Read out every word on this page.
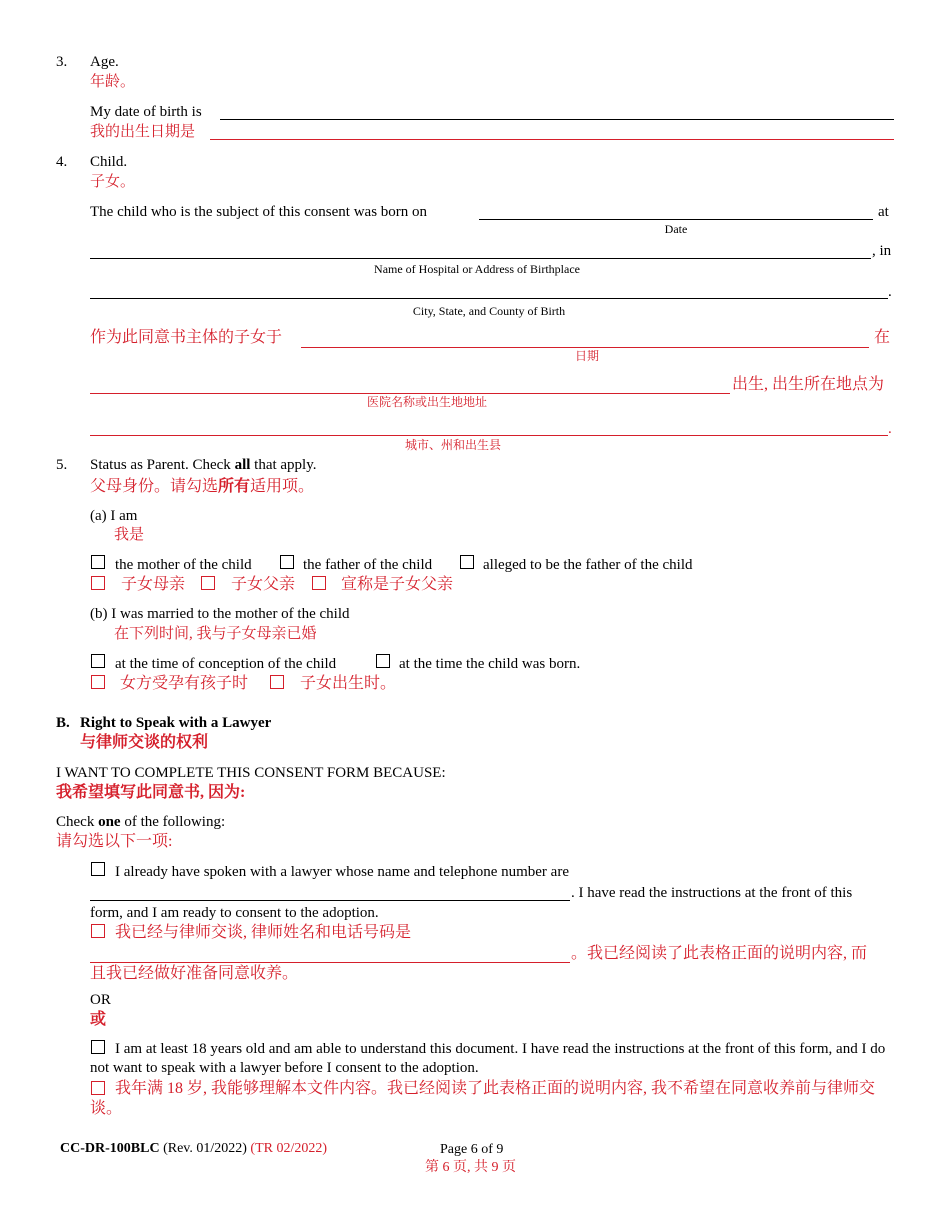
3. Age.
年龄。
My date of birth is
我的出生日期是
4. Child.
子女。
The child who is the subject of this consent was born on	at
Date
, in
Name of Hospital or Address of Birthplace
.
City, State, and County of Birth
作为此同意书主体的子女于	在
日期
出生, 出生所在地点为
医院名称或出生地地址
.
城市、州和出生县
5. Status as Parent. Check all that apply.
父母身份。请勾选所有适用项。
(a) I am
我是
the mother of the child	the father of the child	alleged to be the father of the child
子女母亲	子女父亲	宣称是子女父亲
(b) I was married to the mother of the child
在下列时间, 我与子女母亲已婚
at the time of conception of the child	at the time the child was born.
女方受孕有孩子时	子女出生时。
B. Right to Speak with a Lawyer
与律师交谈的权利
I WANT TO COMPLETE THIS CONSENT FORM BECAUSE:
我希望填写此同意书, 因为:
Check one of the following:
请勾选以下一项:
I already have spoken with a lawyer whose name and telephone number are
. I have read the instructions at the front of this
form, and I am ready to consent to the adoption.
我已经与律师交谈, 律师姓名和电话号码是
。我已经阅读了此表格正面的说明内容, 而
且我已经做好准备同意收养。
OR
或
I am at least 18 years old and am able to understand this document. I have read the instructions at the front of this form, and I do not want to speak with a lawyer before I consent to the adoption.
我年满 18 岁, 我能够理解本文件内容。我已经阅读了此表格正面的说明内容, 我不希望在同意收养前与律师交谈。
CC-DR-100BLC (Rev. 01/2022) (TR 02/2022)	Page 6 of 9
第 6 页, 共 9 页
